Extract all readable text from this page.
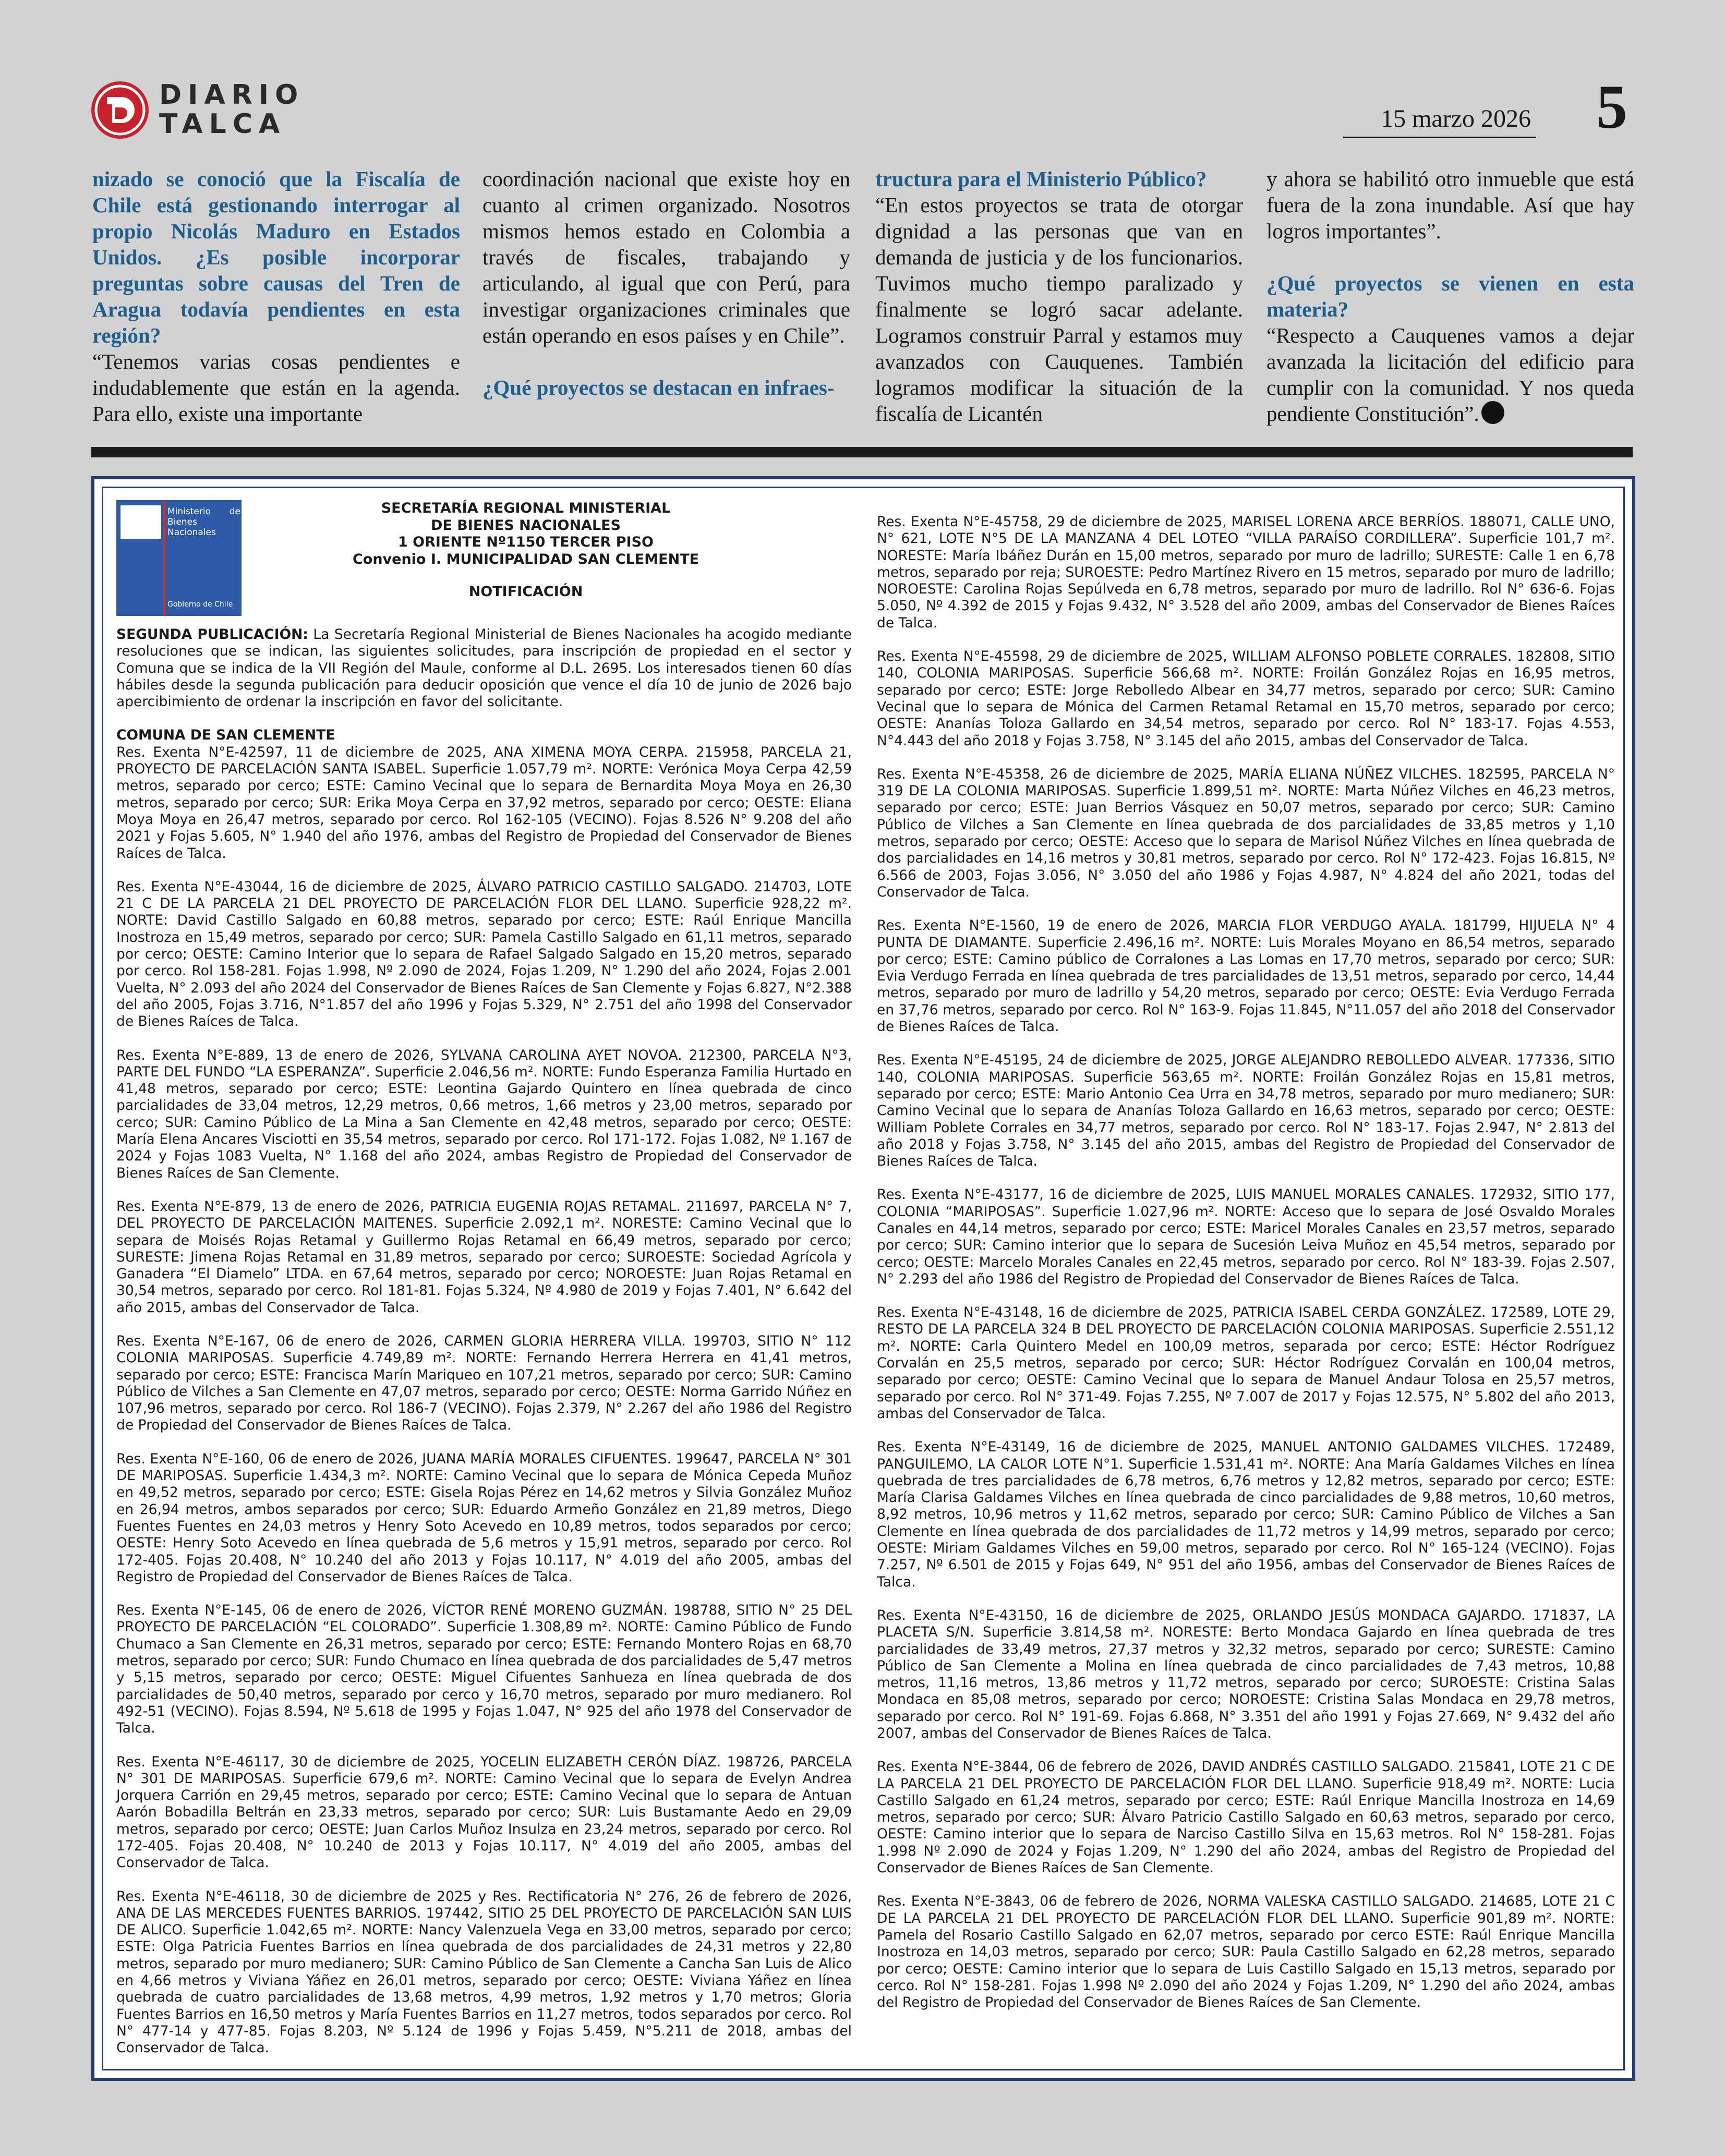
DIARIO
TALCA	15 marzo 2026 5

nizado se conoció que la Fiscalía de Chile está gestionando interrogar al propio Nicolás Maduro en Estados Unidos. ¿Es posible incorporar preguntas sobre causas del Tren de Aragua todavía pendientes en esta región?

“Tenemos varias cosas pendientes e indudablemente que están en la agenda. Para ello, existe una importante

coordinación nacional que existe hoy en cuanto al crimen organizado. Nosotros mismos hemos estado en Colombia a través de fiscales, trabajando y articulando, al igual que con Perú, para investigar organizaciones criminales que están operando en esos países y en Chile”.

¿Qué proyectos se destacan en infraes-

tructura para el Ministerio Público?

“En estos proyectos se trata de otorgar dignidad a las personas que van en demanda de justicia y de los funcionarios. Tuvimos mucho tiempo paralizado y finalmente se logró sacar adelante. Logramos construir Parral y estamos muy avanzados con Cauquenes. También logramos modificar la situación de la fiscalía de Licantén

y ahora se habilitó otro inmueble que está fuera de la zona inundable. Así que hay logros importantes”.

¿Qué proyectos se vienen en esta materia?

“Respecto a Cauquenes vamos a dejar avanzada la licitación del edificio para cumplir con la comunidad. Y nos queda pendiente Constitución”.

Ministerio de Bienes Nacionales
Gobierno de Chile
SECRETARÍA REGIONAL MINISTERIAL
DE BIENES NACIONALES
1 ORIENTE Nº1150 TERCER PISO
Convenio I. MUNICIPALIDAD SAN CLEMENTE
NOTIFICACIÓN

SEGUNDA PUBLICACIÓN: La Secretaría Regional Ministerial de Bienes Nacionales ha acogido mediante resoluciones que se indican, las siguientes solicitudes, para inscripción de propiedad en el sector y Comuna que se indica de la VII Región del Maule, conforme al D.L. 2695. Los interesados tienen 60 días hábiles desde la segunda publicación para deducir oposición que vence el día 10 de junio de 2026 bajo apercibimiento de ordenar la inscripción en favor del solicitante.

COMUNA DE SAN CLEMENTE

Res. Exenta N°E-42597, 11 de diciembre de 2025, ANA XIMENA MOYA CERPA. 215958, PARCELA 21, PROYECTO DE PARCELACIÓN SANTA ISABEL. Superficie 1.057,79 m². NORTE: Verónica Moya Cerpa 42,59 metros, separado por cerco; ESTE: Camino Vecinal que lo separa de Bernardita Moya Moya en 26,30 metros, separado por cerco; SUR: Erika Moya Cerpa en 37,92 metros, separado por cerco; OESTE: Eliana Moya Moya en 26,47 metros, separado por cerco. Rol 162-105 (VECINO). Fojas 8.526 N° 9.208 del año 2021 y Fojas 5.605, N° 1.940 del año 1976, ambas del Registro de Propiedad del Conservador de Bienes Raíces de Talca.

Res. Exenta N°E-43044, 16 de diciembre de 2025, ÁLVARO PATRICIO CASTILLO SALGADO. 214703, LOTE 21 C DE LA PARCELA 21 DEL PROYECTO DE PARCELACIÓN FLOR DEL LLANO. Superficie 928,22 m². NORTE: David Castillo Salgado en 60,88 metros, separado por cerco; ESTE: Raúl Enrique Mancilla Inostroza en 15,49 metros, separado por cerco; SUR: Pamela Castillo Salgado en 61,11 metros, separado por cerco; OESTE: Camino Interior que lo separa de Rafael Salgado Salgado en 15,20 metros, separado por cerco. Rol 158-281. Fojas 1.998, Nº 2.090 de 2024, Fojas 1.209, N° 1.290 del año 2024, Fojas 2.001 Vuelta, N° 2.093 del año 2024 del Conservador de Bienes Raíces de San Clemente y Fojas 6.827, N°2.388 del año 2005, Fojas 3.716, N°1.857 del año 1996 y Fojas 5.329, N° 2.751 del año 1998 del Conservador de Bienes Raíces de Talca.

Res. Exenta N°E-889, 13 de enero de 2026, SYLVANA CAROLINA AYET NOVOA. 212300, PARCELA N°3, PARTE DEL FUNDO “LA ESPERANZA”. Superficie 2.046,56 m². NORTE: Fundo Esperanza Familia Hurtado en 41,48 metros, separado por cerco; ESTE: Leontina Gajardo Quintero en línea quebrada de cinco parcialidades de 33,04 metros, 12,29 metros, 0,66 metros, 1,66 metros y 23,00 metros, separado por cerco; SUR: Camino Público de La Mina a San Clemente en 42,48 metros, separado por cerco; OESTE: María Elena Ancares Visciotti en 35,54 metros, separado por cerco. Rol 171-172. Fojas 1.082, Nº 1.167 de 2024 y Fojas 1083 Vuelta, N° 1.168 del año 2024, ambas Registro de Propiedad del Conservador de Bienes Raíces de San Clemente.

Res. Exenta N°E-879, 13 de enero de 2026, PATRICIA EUGENIA ROJAS RETAMAL. 211697, PARCELA N° 7, DEL PROYECTO DE PARCELACIÓN MAITENES. Superficie 2.092,1 m². NORESTE: Camino Vecinal que lo separa de Moisés Rojas Retamal y Guillermo Rojas Retamal en 66,49 metros, separado por cerco; SURESTE: Jimena Rojas Retamal en 31,89 metros, separado por cerco; SUROESTE: Sociedad Agrícola y Ganadera “El Diamelo” LTDA. en 67,64 metros, separado por cerco; NOROESTE: Juan Rojas Retamal en 30,54 metros, separado por cerco. Rol 181-81. Fojas 5.324, Nº 4.980 de 2019 y Fojas 7.401, N° 6.642 del año 2015, ambas del Conservador de Talca.

Res. Exenta N°E-167, 06 de enero de 2026, CARMEN GLORIA HERRERA VILLA. 199703, SITIO N° 112 COLONIA MARIPOSAS. Superficie 4.749,89 m². NORTE: Fernando Herrera Herrera en 41,41 metros, separado por cerco; ESTE: Francisca Marín Mariqueo en 107,21 metros, separado por cerco; SUR: Camino Público de Vilches a San Clemente en 47,07 metros, separado por cerco; OESTE: Norma Garrido Núñez en 107,96 metros, separado por cerco. Rol 186-7 (VECINO). Fojas 2.379, N° 2.267 del año 1986 del Registro de Propiedad del Conservador de Bienes Raíces de Talca.

Res. Exenta N°E-160, 06 de enero de 2026, JUANA MARÍA MORALES CIFUENTES. 199647, PARCELA N° 301 DE MARIPOSAS. Superficie 1.434,3 m². NORTE: Camino Vecinal que lo separa de Mónica Cepeda Muñoz en 49,52 metros, separado por cerco; ESTE: Gisela Rojas Pérez en 14,62 metros y Silvia González Muñoz en 26,94 metros, ambos separados por cerco; SUR: Eduardo Armeño González en 21,89 metros, Diego Fuentes Fuentes en 24,03 metros y Henry Soto Acevedo en 10,89 metros, todos separados por cerco; OESTE: Henry Soto Acevedo en línea quebrada de 5,6 metros y 15,91 metros, separado por cerco. Rol 172-405. Fojas 20.408, N° 10.240 del año 2013 y Fojas 10.117, N° 4.019 del año 2005, ambas del Registro de Propiedad del Conservador de Bienes Raíces de Talca.

Res. Exenta N°E-145, 06 de enero de 2026, VÍCTOR RENÉ MORENO GUZMÁN. 198788, SITIO N° 25 DEL PROYECTO DE PARCELACIÓN “EL COLORADO”. Superficie 1.308,89 m². NORTE: Camino Público de Fundo Chumaco a San Clemente en 26,31 metros, separado por cerco; ESTE: Fernando Montero Rojas en 68,70 metros, separado por cerco; SUR: Fundo Chumaco en línea quebrada de dos parcialidades de 5,47 metros y 5,15 metros, separado por cerco; OESTE: Miguel Cifuentes Sanhueza en línea quebrada de dos parcialidades de 50,40 metros, separado por cerco y 16,70 metros, separado por muro medianero. Rol 492-51 (VECINO). Fojas 8.594, Nº 5.618 de 1995 y Fojas 1.047, N° 925 del año 1978 del Conservador de Talca.

Res. Exenta N°E-46117, 30 de diciembre de 2025, YOCELIN ELIZABETH CERÓN DÍAZ. 198726, PARCELA N° 301 DE MARIPOSAS. Superficie 679,6 m². NORTE: Camino Vecinal que lo separa de Evelyn Andrea Jorquera Carrión en 29,45 metros, separado por cerco; ESTE: Camino Vecinal que lo separa de Antuan Aarón Bobadilla Beltrán en 23,33 metros, separado por cerco; SUR: Luis Bustamante Aedo en 29,09 metros, separado por cerco; OESTE: Juan Carlos Muñoz Insulza en 23,24 metros, separado por cerco. Rol 172-405. Fojas 20.408, N° 10.240 de 2013 y Fojas 10.117, N° 4.019 del año 2005, ambas del Conservador de Talca.

Res. Exenta N°E-46118, 30 de diciembre de 2025 y Res. Rectificatoria N° 276, 26 de febrero de 2026, ANA DE LAS MERCEDES FUENTES BARRIOS. 197442, SITIO 25 DEL PROYECTO DE PARCELACIÓN SAN LUIS DE ALICO. Superficie 1.042,65 m². NORTE: Nancy Valenzuela Vega en 33,00 metros, separado por cerco; ESTE: Olga Patricia Fuentes Barrios en línea quebrada de dos parcialidades de 24,31 metros y 22,80 metros, separado por muro medianero; SUR: Camino Público de San Clemente a Cancha San Luis de Alico en 4,66 metros y Viviana Yáñez en 26,01 metros, separado por cerco; OESTE: Viviana Yáñez en línea quebrada de cuatro parcialidades de 13,68 metros, 4,99 metros, 1,92 metros y 1,70 metros; Gloria Fuentes Barrios en 16,50 metros y María Fuentes Barrios en 11,27 metros, todos separados por cerco. Rol N° 477-14 y 477-85. Fojas 8.203, Nº 5.124 de 1996 y Fojas 5.459, N°5.211 de 2018, ambas del Conservador de Talca.

Res. Exenta N°E-45758, 29 de diciembre de 2025, MARISEL LORENA ARCE BERRÍOS. 188071, CALLE UNO, N° 621, LOTE N°5 DE LA MANZANA 4 DEL LOTEO “VILLA PARAÍSO CORDILLERA”. Superficie 101,7 m². NORESTE: María Ibáñez Durán en 15,00 metros, separado por muro de ladrillo; SURESTE: Calle 1 en 6,78 metros, separado por reja; SUROESTE: Pedro Martínez Rivero en 15 metros, separado por muro de ladrillo; NOROESTE: Carolina Rojas Sepúlveda en 6,78 metros, separado por muro de ladrillo. Rol N° 636-6. Fojas 5.050, Nº 4.392 de 2015 y Fojas 9.432, N° 3.528 del año 2009, ambas del Conservador de Bienes Raíces de Talca.

Res. Exenta N°E-45598, 29 de diciembre de 2025, WILLIAM ALFONSO POBLETE CORRALES. 182808, SITIO 140, COLONIA MARIPOSAS. Superficie 566,68 m². NORTE: Froilán González Rojas en 16,95 metros, separado por cerco; ESTE: Jorge Rebolledo Albear en 34,77 metros, separado por cerco; SUR: Camino Vecinal que lo separa de Mónica del Carmen Retamal Retamal en 15,70 metros, separado por cerco; OESTE: Ananías Toloza Gallardo en 34,54 metros, separado por cerco. Rol N° 183-17. Fojas 4.553, N°4.443 del año 2018 y Fojas 3.758, N° 3.145 del año 2015, ambas del Conservador de Talca.

Res. Exenta N°E-45358, 26 de diciembre de 2025, MARÍA ELIANA NÚÑEZ VILCHES. 182595, PARCELA N° 319 DE LA COLONIA MARIPOSAS. Superficie 1.899,51 m². NORTE: Marta Núñez Vilches en 46,23 metros, separado por cerco; ESTE: Juan Berrios Vásquez en 50,07 metros, separado por cerco; SUR: Camino Público de Vilches a San Clemente en línea quebrada de dos parcialidades de 33,85 metros y 1,10 metros, separado por cerco; OESTE: Acceso que lo separa de Marisol Núñez Vilches en línea quebrada de dos parcialidades en 14,16 metros y 30,81 metros, separado por cerco. Rol N° 172-423. Fojas 16.815, Nº 6.566 de 2003, Fojas 3.056, N° 3.050 del año 1986 y Fojas 4.987, N° 4.824 del año 2021, todas del Conservador de Talca.

Res. Exenta N°E-1560, 19 de enero de 2026, MARCIA FLOR VERDUGO AYALA. 181799, HIJUELA N° 4 PUNTA DE DIAMANTE. Superficie 2.496,16 m². NORTE: Luis Morales Moyano en 86,54 metros, separado por cerco; ESTE: Camino público de Corralones a Las Lomas en 17,70 metros, separado por cerco; SUR: Evia Verdugo Ferrada en línea quebrada de tres parcialidades de 13,51 metros, separado por cerco, 14,44 metros, separado por muro de ladrillo y 54,20 metros, separado por cerco; OESTE: Evia Verdugo Ferrada en 37,76 metros, separado por cerco. Rol N° 163-9. Fojas 11.845, N°11.057 del año 2018 del Conservador de Bienes Raíces de Talca.

Res. Exenta N°E-45195, 24 de diciembre de 2025, JORGE ALEJANDRO REBOLLEDO ALVEAR. 177336, SITIO 140, COLONIA MARIPOSAS. Superficie 563,65 m². NORTE: Froilán González Rojas en 15,81 metros, separado por cerco; ESTE: Mario Antonio Cea Urra en 34,78 metros, separado por muro medianero; SUR: Camino Vecinal que lo separa de Ananías Toloza Gallardo en 16,63 metros, separado por cerco; OESTE: William Poblete Corrales en 34,77 metros, separado por cerco. Rol N° 183-17. Fojas 2.947, N° 2.813 del año 2018 y Fojas 3.758, N° 3.145 del año 2015, ambas del Registro de Propiedad del Conservador de Bienes Raíces de Talca.

Res. Exenta N°E-43177, 16 de diciembre de 2025, LUIS MANUEL MORALES CANALES. 172932, SITIO 177, COLONIA “MARIPOSAS”. Superficie 1.027,96 m². NORTE: Acceso que lo separa de José Osvaldo Morales Canales en 44,14 metros, separado por cerco; ESTE: Maricel Morales Canales en 23,57 metros, separado por cerco; SUR: Camino interior que lo separa de Sucesión Leiva Muñoz en 45,54 metros, separado por cerco; OESTE: Marcelo Morales Canales en 22,45 metros, separado por cerco. Rol N° 183-39. Fojas 2.507, N° 2.293 del año 1986 del Registro de Propiedad del Conservador de Bienes Raíces de Talca.

Res. Exenta N°E-43148, 16 de diciembre de 2025, PATRICIA ISABEL CERDA GONZÁLEZ. 172589, LOTE 29, RESTO DE LA PARCELA 324 B DEL PROYECTO DE PARCELACIÓN COLONIA MARIPOSAS. Superficie 2.551,12 m². NORTE: Carla Quintero Medel en 100,09 metros, separada por cerco; ESTE: Héctor Rodríguez Corvalán en 25,5 metros, separado por cerco; SUR: Héctor Rodríguez Corvalán en 100,04 metros, separado por cerco; OESTE: Camino Vecinal que lo separa de Manuel Andaur Tolosa en 25,57 metros, separado por cerco. Rol N° 371-49. Fojas 7.255, Nº 7.007 de 2017 y Fojas 12.575, N° 5.802 del año 2013, ambas del Conservador de Talca.

Res. Exenta N°E-43149, 16 de diciembre de 2025, MANUEL ANTONIO GALDAMES VILCHES. 172489, PANGUILEMO, LA CALOR LOTE N°1. Superficie 1.531,41 m². NORTE: Ana María Galdames Vilches en línea quebrada de tres parcialidades de 6,78 metros, 6,76 metros y 12,82 metros, separado por cerco; ESTE: María Clarisa Galdames Vilches en línea quebrada de cinco parcialidades de 9,88 metros, 10,60 metros, 8,92 metros, 10,96 metros y 11,62 metros, separado por cerco; SUR: Camino Público de Vilches a San Clemente en línea quebrada de dos parcialidades de 11,72 metros y 14,99 metros, separado por cerco; OESTE: Miriam Galdames Vilches en 59,00 metros, separado por cerco. Rol N° 165-124 (VECINO). Fojas 7.257, Nº 6.501 de 2015 y Fojas 649, N° 951 del año 1956, ambas del Conservador de Bienes Raíces de Talca.

Res. Exenta N°E-43150, 16 de diciembre de 2025, ORLANDO JESÚS MONDACA GAJARDO. 171837, LA PLACETA S/N. Superficie 3.814,58 m². NORESTE: Berto Mondaca Gajardo en línea quebrada de tres parcialidades de 33,49 metros, 27,37 metros y 32,32 metros, separado por cerco; SURESTE: Camino Público de San Clemente a Molina en línea quebrada de cinco parcialidades de 7,43 metros, 10,88 metros, 11,16 metros, 13,86 metros y 11,72 metros, separado por cerco; SUROESTE: Cristina Salas Mondaca en 85,08 metros, separado por cerco; NOROESTE: Cristina Salas Mondaca en 29,78 metros, separado por cerco. Rol N° 191-69. Fojas 6.868, N° 3.351 del año 1991 y Fojas 27.669, N° 9.432 del año 2007, ambas del Conservador de Bienes Raíces de Talca.

Res. Exenta N°E-3844, 06 de febrero de 2026, DAVID ANDRÉS CASTILLO SALGADO. 215841, LOTE 21 C DE LA PARCELA 21 DEL PROYECTO DE PARCELACIÓN FLOR DEL LLANO. Superficie 918,49 m². NORTE: Lucia Castillo Salgado en 61,24 metros, separado por cerco; ESTE: Raúl Enrique Mancilla Inostroza en 14,69 metros, separado por cerco; SUR: Álvaro Patricio Castillo Salgado en 60,63 metros, separado por cerco, OESTE: Camino interior que lo separa de Narciso Castillo Silva en 15,63 metros. Rol N° 158-281. Fojas 1.998 Nº 2.090 de 2024 y Fojas 1.209, N° 1.290 del año 2024, ambas del Registro de Propiedad del Conservador de Bienes Raíces de San Clemente.

Res. Exenta N°E-3843, 06 de febrero de 2026, NORMA VALESKA CASTILLO SALGADO. 214685, LOTE 21 C DE LA PARCELA 21 DEL PROYECTO DE PARCELACIÓN FLOR DEL LLANO. Superficie 901,89 m². NORTE: Pamela del Rosario Castillo Salgado en 62,07 metros, separado por cerco ESTE: Raúl Enrique Mancilla Inostroza en 14,03 metros, separado por cerco; SUR: Paula Castillo Salgado en 62,28 metros, separado por cerco; OESTE: Camino interior que lo separa de Luis Castillo Salgado en 15,13 metros, separado por cerco. Rol N° 158-281. Fojas 1.998 Nº 2.090 del año 2024 y Fojas 1.209, N° 1.290 del año 2024, ambas del Registro de Propiedad del Conservador de Bienes Raíces de San Clemente.
